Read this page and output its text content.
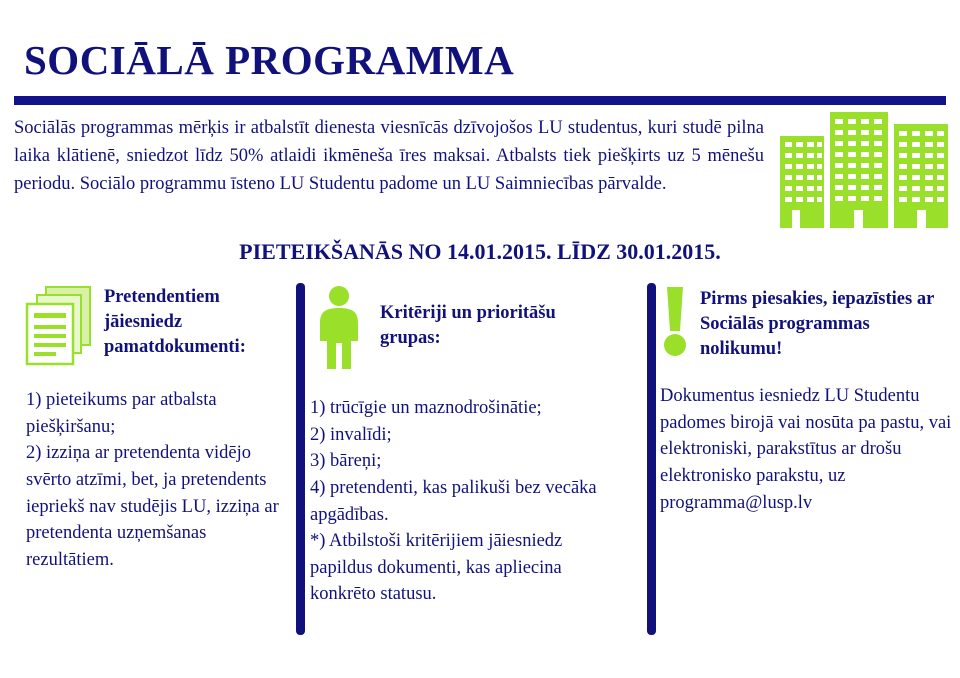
SOCIĀLĀ PROGRAMMA
Sociālās programmas mērķis ir atbalstīt dienesta viesnīcās dzīvojošos LU studentus, kuri studē pilna laika klātienē, sniedzot līdz 50% atlaidi ikmēneša īres maksai. Atbalsts tiek piešķirts uz 5 mēnešu periodu. Sociālo programmu īsteno LU Studentu padome un LU Saimniecības pārvalde.
PIETEIKŠANĀS NO 14.01.2015. LĪDZ 30.01.2015.
Pretendentiem jāiesniedz pamatdokumenti:
1) pieteikums par atbalsta piešķiršanu;
2) izziņa ar pretendenta vidējo svērto atzīmi, bet, ja pretendents iepriekš nav studējis LU, izziņa ar pretendenta uzņemšanas rezultātiem.
Kritēriji un prioritāšu grupas:
1) trūcīgie un maznodrošinātie;
2) invalīdi;
3) bāreņi;
4) pretendenti, kas palikuši bez vecāka apgādības.
*) Atbilstoši kritērijiem jāiesniedz papildus dokumenti, kas apliecina konkrēto statusu.
Pirms piesakies, iepazīsties ar Sociālās programmas nolikumu!
Dokumentus iesniedz LU Studentu padomes birojā vai nosūta pa pastu, vai elektroniski, parakstītus ar drošu elektronisko parakstu, uz programma@lusp.lv
